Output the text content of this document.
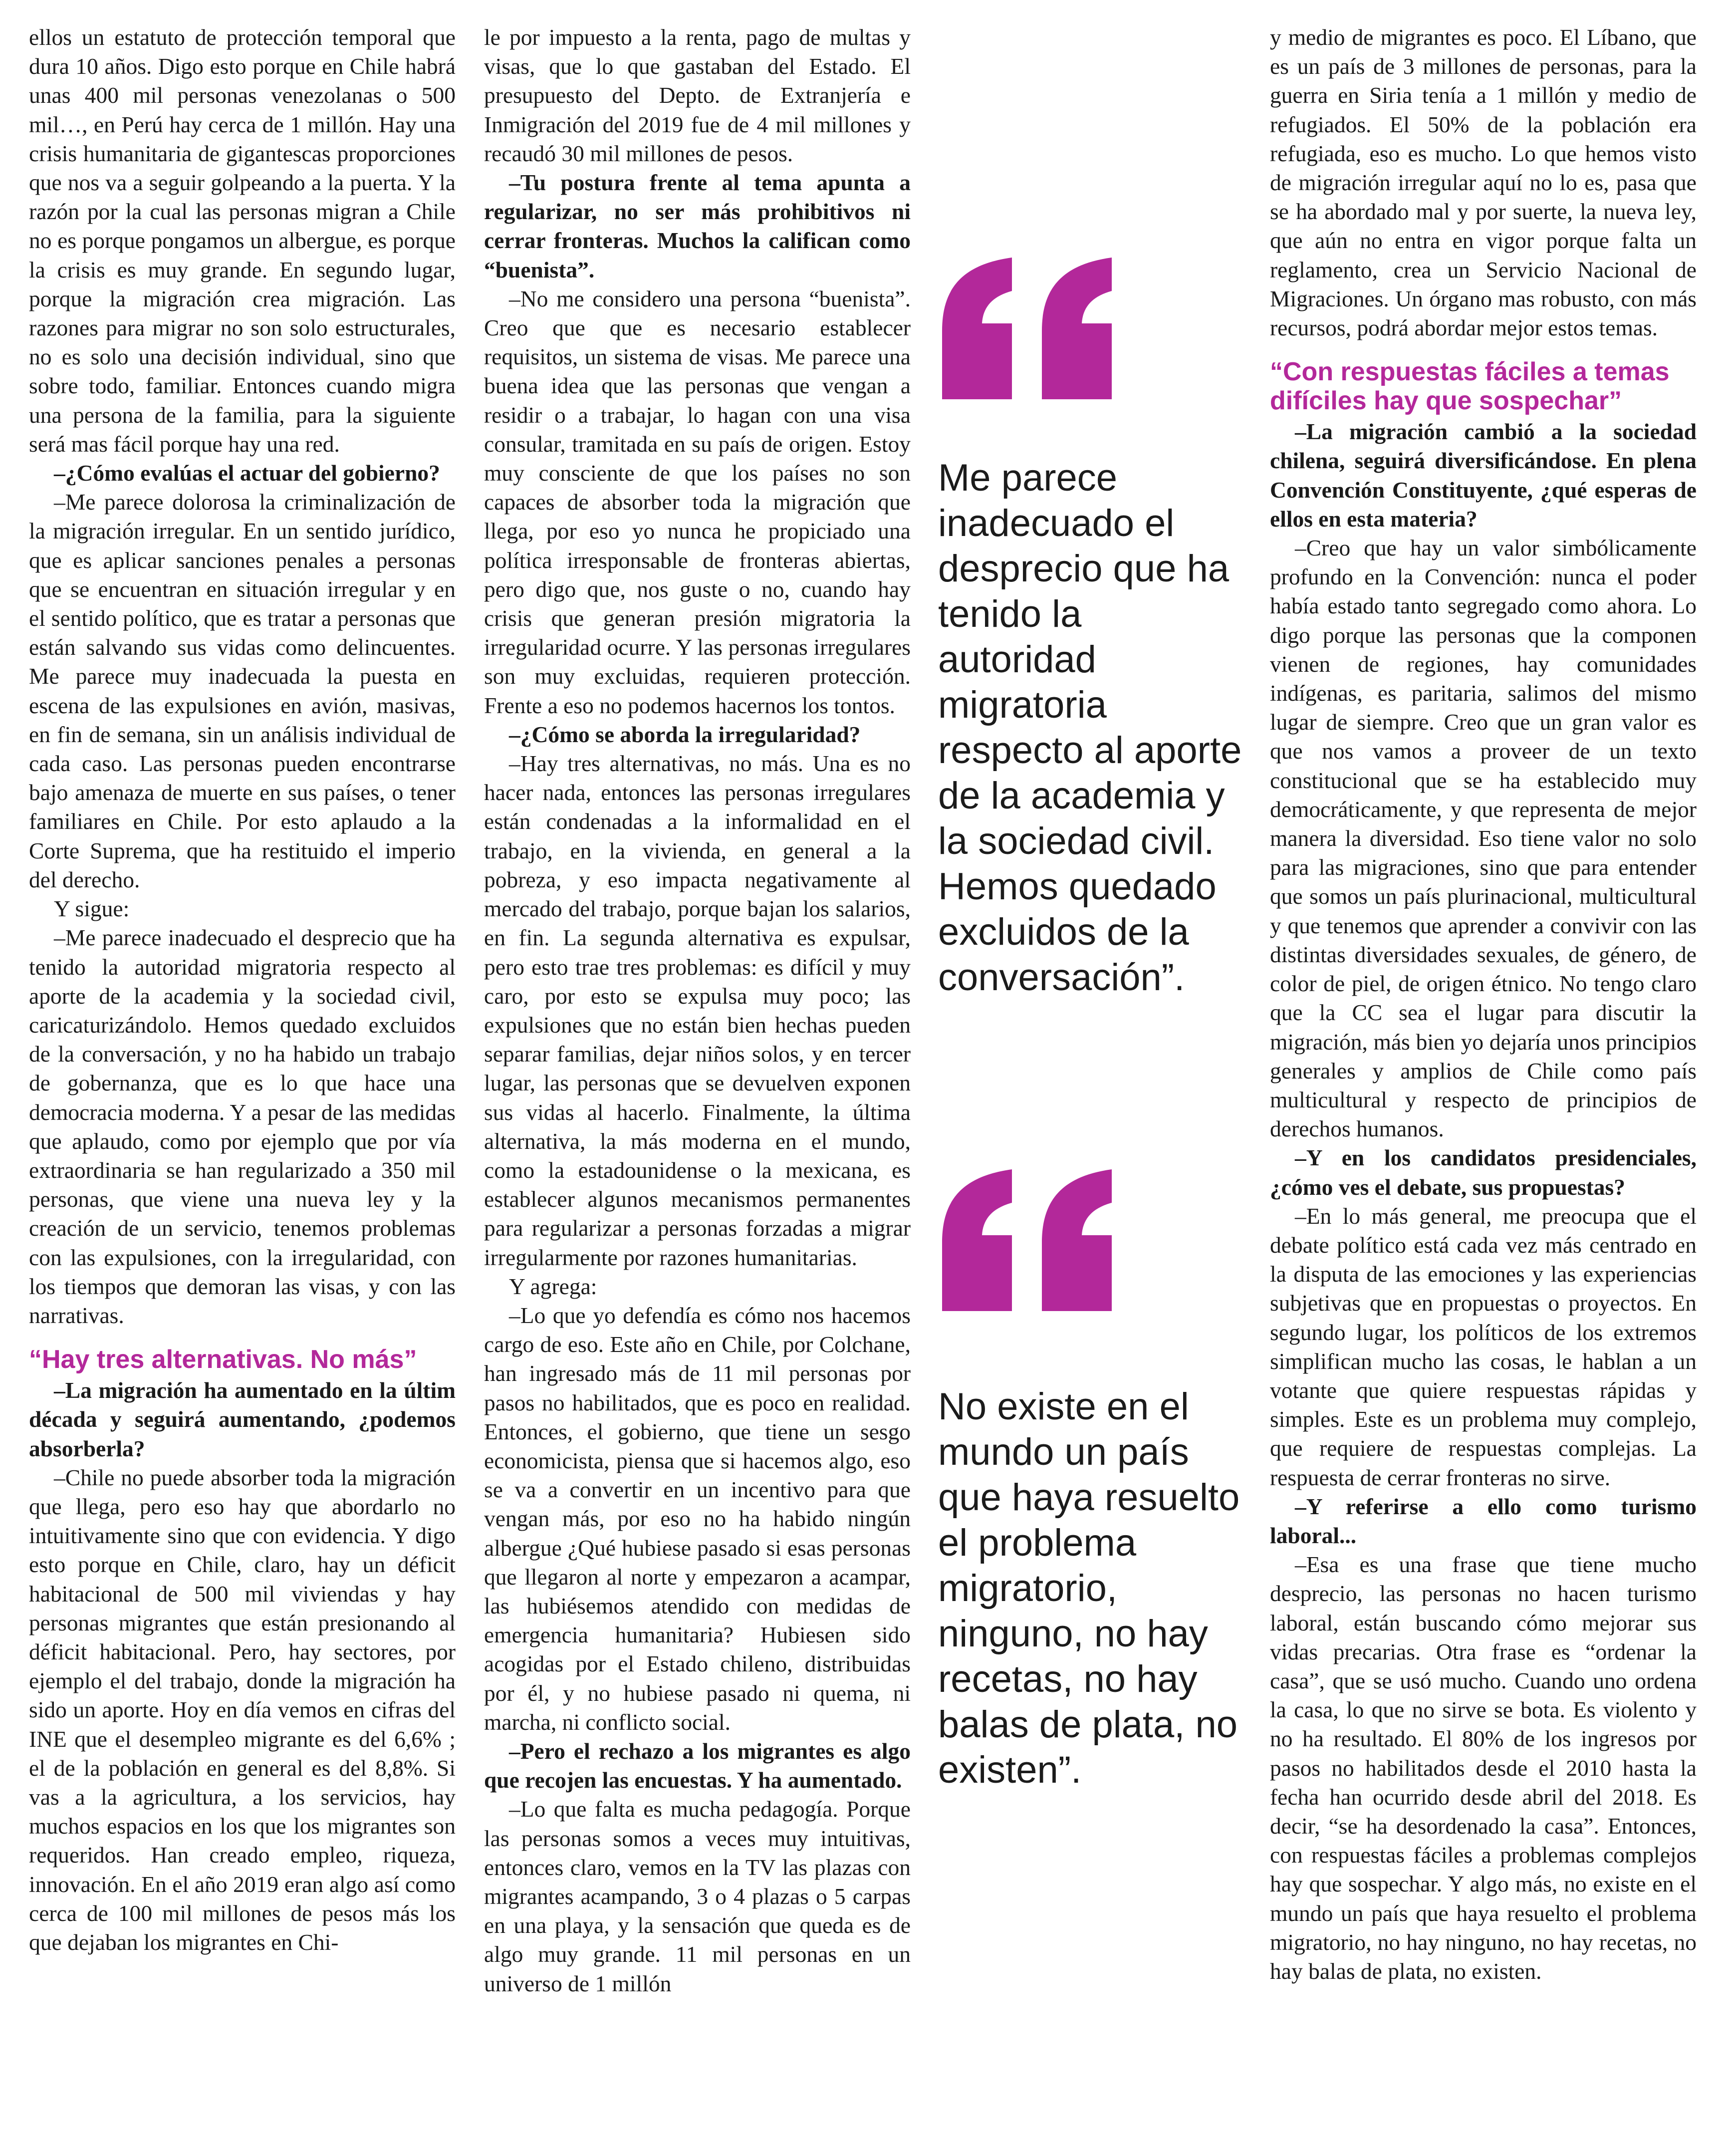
ellos un estatuto de protección temporal que dura 10 años. Digo esto porque en Chile habrá unas 400 mil personas venezolanas o 500 mil…, en Perú hay cerca de 1 millón. Hay una crisis humanitaria de gigantescas proporciones que nos va a seguir golpeando a la puerta. Y la razón por la cual las personas migran a Chile no es porque pongamos un albergue, es porque la crisis es muy grande. En segundo lugar, porque la migración crea migración. Las razones para migrar no son solo estructurales, no es solo una decisión individual, sino que sobre todo, familiar. Entonces cuando migra una persona de la familia, para la siguiente será mas fácil porque hay una red.

–¿Cómo evalúas el actuar del gobierno?

–Me parece dolorosa la criminalización de la migración irregular. En un sentido jurídico, que es aplicar sanciones penales a personas que se encuentran en situación irregular y en el sentido político, que es tratar a personas que están salvando sus vidas como delincuentes. Me parece muy inadecuada la puesta en escena de las expulsiones en avión, masivas, en fin de semana, sin un análisis individual de cada caso. Las personas pueden encontrarse bajo amenaza de muerte en sus países, o tener familiares en Chile. Por esto aplaudo a la Corte Suprema, que ha restituido el imperio del derecho.

Y sigue:

–Me parece inadecuado el desprecio que ha tenido la autoridad migratoria respecto al aporte de la academia y la sociedad civil, caricaturizándolo. Hemos quedado excluidos de la conversación, y no ha habido un trabajo de gobernanza, que es lo que hace una democracia moderna. Y a pesar de las medidas que aplaudo, como por ejemplo que por vía extraordinaria se han regularizado a 350 mil personas, que viene una nueva ley y la creación de un servicio, tenemos problemas con las expulsiones, con la irregularidad, con los tiempos que demoran las visas, y con las narrativas.

“Hay tres alternativas. No más”

–La migración ha aumentado en la últim década y seguirá aumentando, ¿podemos absorberla?

–Chile no puede absorber toda la migración que llega, pero eso hay que abordarlo no intuitivamente sino que con evidencia. Y digo esto porque en Chile, claro, hay un déficit habitacional de 500 mil viviendas y hay personas migrantes que están presionando al déficit habitacional. Pero, hay sectores, por ejemplo el del trabajo, donde la migración ha sido un aporte. Hoy en día vemos en cifras del INE que el desempleo migrante es del 6,6% ; el de la población en general es del 8,8%. Si vas a la agricultura, a los servicios, hay muchos espacios en los que los migrantes son requeridos. Han creado empleo, riqueza, innovación. En el año 2019 eran algo así como cerca de 100 mil millones de pesos más los que dejaban los migrantes en Chi-

le por impuesto a la renta, pago de multas y visas, que lo que gastaban del Estado. El presupuesto del Depto. de Extranjería e Inmigración del 2019 fue de 4 mil millones y recaudó 30 mil millones de pesos.

–Tu postura frente al tema apunta a regularizar, no ser más prohibitivos ni cerrar fronteras. Muchos la califican como “buenista”.

–No me considero una persona “buenista”. Creo que que es necesario establecer requisitos, un sistema de visas. Me parece una buena idea que las personas que vengan a residir o a trabajar, lo hagan con una visa consular, tramitada en su país de origen. Estoy muy consciente de que los países no son capaces de absorber toda la migración que llega, por eso yo nunca he propiciado una política irresponsable de fronteras abiertas, pero digo que, nos guste o no, cuando hay crisis que generan presión migratoria la irregularidad ocurre. Y las personas irregulares son muy excluidas, requieren protección. Frente a eso no podemos hacernos los tontos.

–¿Cómo se aborda la irregularidad?

–Hay tres alternativas, no más. Una es no hacer nada, entonces las personas irregulares están condenadas a la informalidad en el trabajo, en la vivienda, en general a la pobreza, y eso impacta negativamente al mercado del trabajo, porque bajan los salarios, en fin. La segunda alternativa es expulsar, pero esto trae tres problemas: es difícil y muy caro, por esto se expulsa muy poco; las expulsiones que no están bien hechas pueden separar familias, dejar niños solos, y en tercer lugar, las personas que se devuelven exponen sus vidas al hacerlo. Finalmente, la última alternativa, la más moderna en el mundo, como la estadounidense o la mexicana, es establecer algunos mecanismos permanentes para regularizar a personas forzadas a migrar irregularmente por razones humanitarias.

Y agrega:

–Lo que yo defendía es cómo nos hacemos cargo de eso. Este año en Chile, por Colchane, han ingresado más de 11 mil personas por pasos no habilitados, que es poco en realidad. Entonces, el gobierno, que tiene un sesgo economicista, piensa que si hacemos algo, eso se va a convertir en un incentivo para que vengan más, por eso no ha habido ningún albergue ¿Qué hubiese pasado si esas personas que llegaron al norte y empezaron a acampar, las hubiésemos atendido con medidas de emergencia humanitaria? Hubiesen sido acogidas por el Estado chileno, distribuidas por él, y no hubiese pasado ni quema, ni marcha, ni conflicto social.

–Pero el rechazo a los migrantes es algo que recojen las encuestas. Y ha aumentado.

–Lo que falta es mucha pedagogía. Porque las personas somos a veces muy intuitivas, entonces claro, vemos en la TV las plazas con migrantes acampando, 3 o 4 plazas o 5 carpas en una playa, y la sensación que queda es de algo muy grande. 11 mil personas en un universo de 1 millón

Me parece inadecuado el desprecio que ha tenido la autoridad migratoria respecto al aporte de la academia y la sociedad civil. Hemos quedado excluidos de la conversación”.
No existe en el mundo un país que haya resuelto el problema migratorio, ninguno, no hay recetas, no hay balas de plata, no existen”.

y medio de migrantes es poco. El Líbano, que es un país de 3 millones de personas, para la guerra en Siria tenía a 1 millón y medio de refugiados. El 50% de la población era refugiada, eso es mucho. Lo que hemos visto de migración irregular aquí no lo es, pasa que se ha abordado mal y por suerte, la nueva ley, que aún no entra en vigor porque falta un reglamento, crea un Servicio Nacional de Migraciones. Un órgano mas robusto, con más recursos, podrá abordar mejor estos temas.

“Con respuestas fáciles a temas difíciles hay que sospechar”

–La migración cambió a la sociedad chilena, seguirá diversificándose. En plena Convención Constituyente, ¿qué esperas de ellos en esta materia?

–Creo que hay un valor simbólicamente profundo en la Convención: nunca el poder había estado tanto segregado como ahora. Lo digo porque las personas que la componen vienen de regiones, hay comunidades indígenas, es paritaria, salimos del mismo lugar de siempre. Creo que un gran valor es que nos vamos a proveer de un texto constitucional que se ha establecido muy democráticamente, y que representa de mejor manera la diversidad. Eso tiene valor no solo para las migraciones, sino que para entender que somos un país plurinacional, multicultural y que tenemos que aprender a convivir con las distintas diversidades sexuales, de género, de color de piel, de origen étnico. No tengo claro que la CC sea el lugar para discutir la migración, más bien yo dejaría unos principios generales y amplios de Chile como país multicultural y respecto de principios de derechos humanos.

–Y en los candidatos presidenciales, ¿cómo ves el debate, sus propuestas?

–En lo más general, me preocupa que el debate político está cada vez más centrado en la disputa de las emociones y las experiencias subjetivas que en propuestas o proyectos. En segundo lugar, los políticos de los extremos simplifican mucho las cosas, le hablan a un votante que quiere respuestas rápidas y simples. Este es un problema muy complejo, que requiere de respuestas complejas. La respuesta de cerrar fronteras no sirve.

–Y referirse a ello como turismo laboral...

–Esa es una frase que tiene mucho desprecio, las personas no hacen turismo laboral, están buscando cómo mejorar sus vidas precarias. Otra frase es “ordenar la casa”, que se usó mucho. Cuando uno ordena la casa, lo que no sirve se bota. Es violento y no ha resultado. El 80% de los ingresos por pasos no habilitados desde el 2010 hasta la fecha han ocurrido desde abril del 2018. Es decir, “se ha desordenado la casa”. Entonces, con respuestas fáciles a problemas complejos hay que sospechar. Y algo más, no existe en el mundo un país que haya resuelto el problema migratorio, no hay ninguno, no hay recetas, no hay balas de plata, no existen.
